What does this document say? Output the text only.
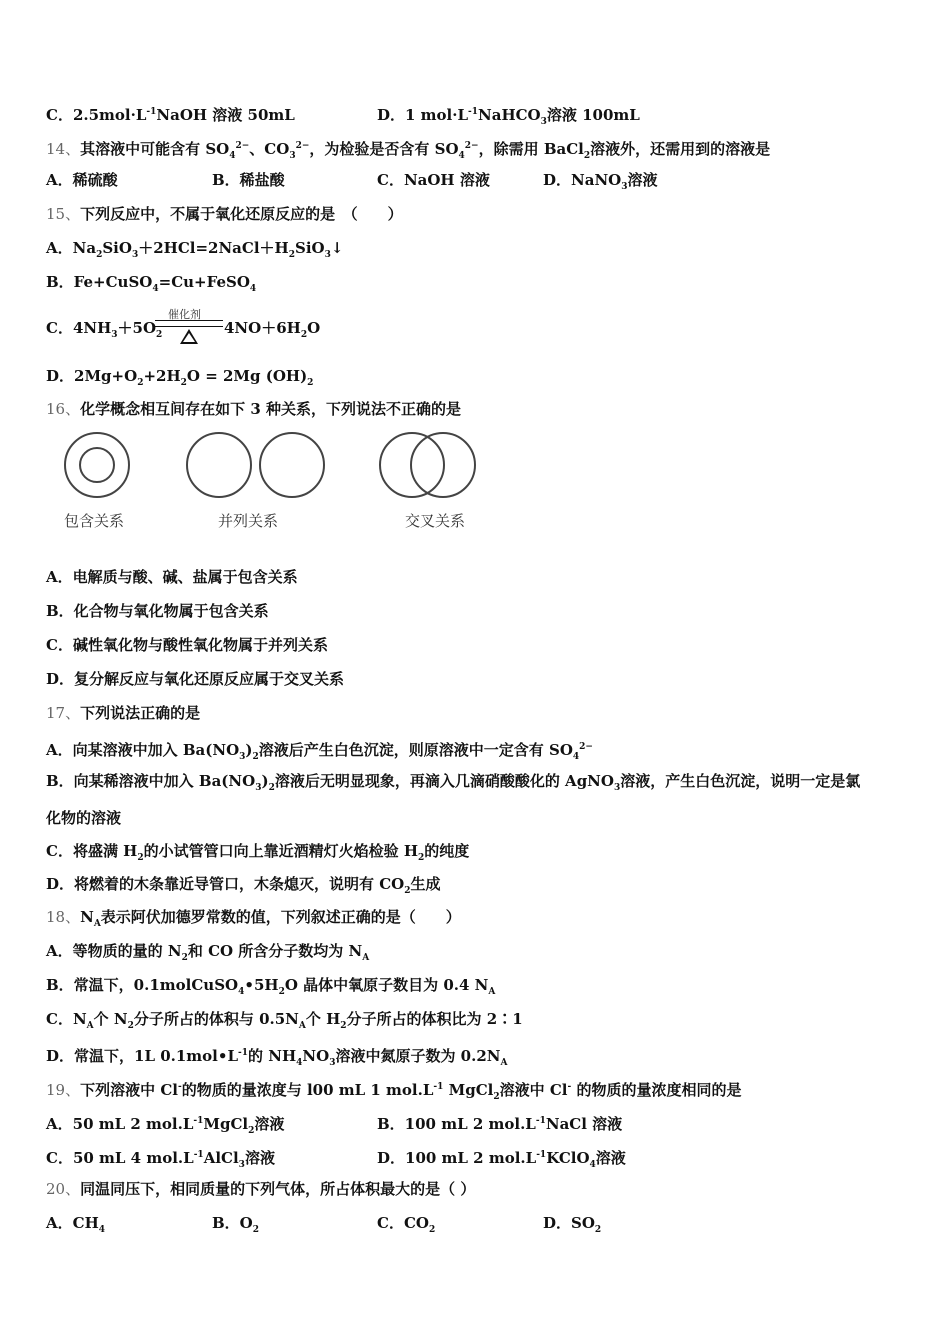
催化剂
包含关系	并列关系	交叉关系
C．$2.5mol\cdot L^{-1}NaOH$ 溶液 50mL	D．1 $mol\cdot L^{-1}NaHCO_3$溶液 100mL
14、其溶液中可能含有 $SO_4^{2-}$、$CO_3^{2-}$，为检验是否含有 $SO_4^{2-}$，除需用 BaCl$_2$溶液外，还需用到的溶液是
A．稀硫酸	B．稀盐酸	C．NaOH 溶液	D．NaNO$_3$溶液
15、下列反应中，不属于氧化还原反应的是　（　　）
A．$Na_2SiO_3+2HCl=2NaCl+H_2SiO_3↓$
B．Fe+CuSO$_4$=Cu+FeSO$_4$
C．$4NH_3+5O_2$	$4NO+6H_2O$
D．$2Mg+O_2+2H_2O = 2Mg$ $(OH)_2$
16、化学概念相互间存在如下 3 种关系，下列说法不正确的是
A．电解质与酸、碱、盐属于包含关系
B．化合物与氧化物属于包含关系
C．碱性氧化物与酸性氧化物属于并列关系
D．复分解反应与氧化还原反应属于交叉关系
17、下列说法正确的是
A．向某溶液中加入 $Ba(NO_3)_2$溶液后产生白色沉淀，则原溶液中一定含有 $SO_4^{2-}$
B．向某稀溶液中加入 $Ba(NO_3)_2$溶液后无明显现象，再滴入几滴硝酸酸化的 AgNO$_3$溶液，产生白色沉淀，说明一定是氯
化物的溶液
C．将盛满 $H_2$的小试管管口向上靠近酒精灯火焰检验 $H_2$的纯度
D．将燃着的木条靠近导管口，木条熄灭，说明有 $CO_2$生成
18、$N_A$表示阿伏加德罗常数的值，下列叙述正确的是（　　）
A．等物质的量的 $N_2$和 CO 所含分子数均为 $N_A$
B．常温下，$0.1molCuSO_4•5H_2O$ 晶体中氧原子数目为 0.4 $N_A$
C．$N_A$个 $N_2$分子所占的体积与 $0.5N_A$个 $H_2$分子所占的体积比为 2∶1
D．常温下，1L $0.1mol•L^{-1}$的 $NH_4NO_3$溶液中氮原子数为 $0.2N_A$
19、下列溶液中 Cl-的物质的量浓度与 l00 mL 1 $mol.L^{-1}$ MgCl$_2$溶液中 Cl- 的物质的量浓度相同的是
A．50 mL 2 $mol.L^{-1}MgCl_2$溶液	B．100 mL 2 $mol.L^{-1}NaCl$ 溶液
C．50 mL 4 $mol.L^{-1}AlCl_3$溶液	D．100 mL 2 $mol.L^{-1}KClO_4$溶液
20、同温同压下，相同质量的下列气体，所占体积最大的是（ ）
A．$CH_4$	B．$O_2$	C．$CO_2$	D．$SO_2$
